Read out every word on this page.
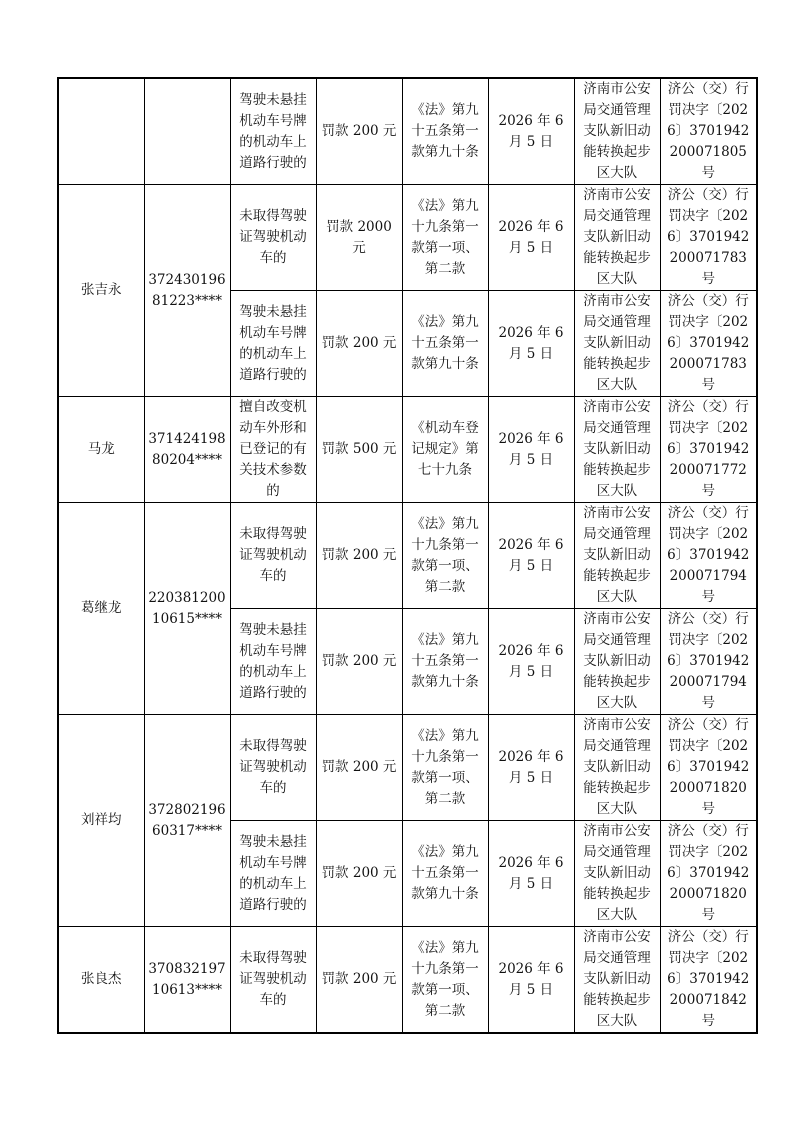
		驾驶未悬挂机动车号牌的机动车上道路行驶的	罚款 200 元	《法》第九十五条第一款第九十条	2026 年 6 月 5 日	济南市公安局交通管理支队新旧动能转换起步区大队	济公（交）行罚决字〔2026〕3701942200071805 号
张吉永	37243019681223****	未取得驾驶证驾驶机动车的	罚款 2000 元	《法》第九十九条第一款第一项、第二款	2026 年 6 月 5 日	济南市公安局交通管理支队新旧动能转换起步区大队	济公（交）行罚决字〔2026〕3701942200071783 号
		驾驶未悬挂机动车号牌的机动车上道路行驶的	罚款 200 元	《法》第九十五条第一款第九十条	2026 年 6 月 5 日	济南市公安局交通管理支队新旧动能转换起步区大队	济公（交）行罚决字〔2026〕3701942200071783 号
马龙	37142419880204****	擅自改变机动车外形和已登记的有关技术参数的	罚款 500 元	《机动车登记规定》第七十九条	2026 年 6 月 5 日	济南市公安局交通管理支队新旧动能转换起步区大队	济公（交）行罚决字〔2026〕3701942200071772 号
葛继龙	22038120010615****	未取得驾驶证驾驶机动车的	罚款 200 元	《法》第九十九条第一款第一项、第二款	2026 年 6 月 5 日	济南市公安局交通管理支队新旧动能转换起步区大队	济公（交）行罚决字〔2026〕3701942200071794 号
		驾驶未悬挂机动车号牌的机动车上道路行驶的	罚款 200 元	《法》第九十五条第一款第九十条	2026 年 6 月 5 日	济南市公安局交通管理支队新旧动能转换起步区大队	济公（交）行罚决字〔2026〕3701942200071794 号
刘祥均	37280219660317****	未取得驾驶证驾驶机动车的	罚款 200 元	《法》第九十九条第一款第一项、第二款	2026 年 6 月 5 日	济南市公安局交通管理支队新旧动能转换起步区大队	济公（交）行罚决字〔2026〕3701942200071820 号
		驾驶未悬挂机动车号牌的机动车上道路行驶的	罚款 200 元	《法》第九十五条第一款第九十条	2026 年 6 月 5 日	济南市公安局交通管理支队新旧动能转换起步区大队	济公（交）行罚决字〔2026〕3701942200071820 号
张良杰	37083219710613****	未取得驾驶证驾驶机动车的	罚款 200 元	《法》第九十九条第一款第一项、第二款	2026 年 6 月 5 日	济南市公安局交通管理支队新旧动能转换起步区大队	济公（交）行罚决字〔2026〕3701942200071842 号
